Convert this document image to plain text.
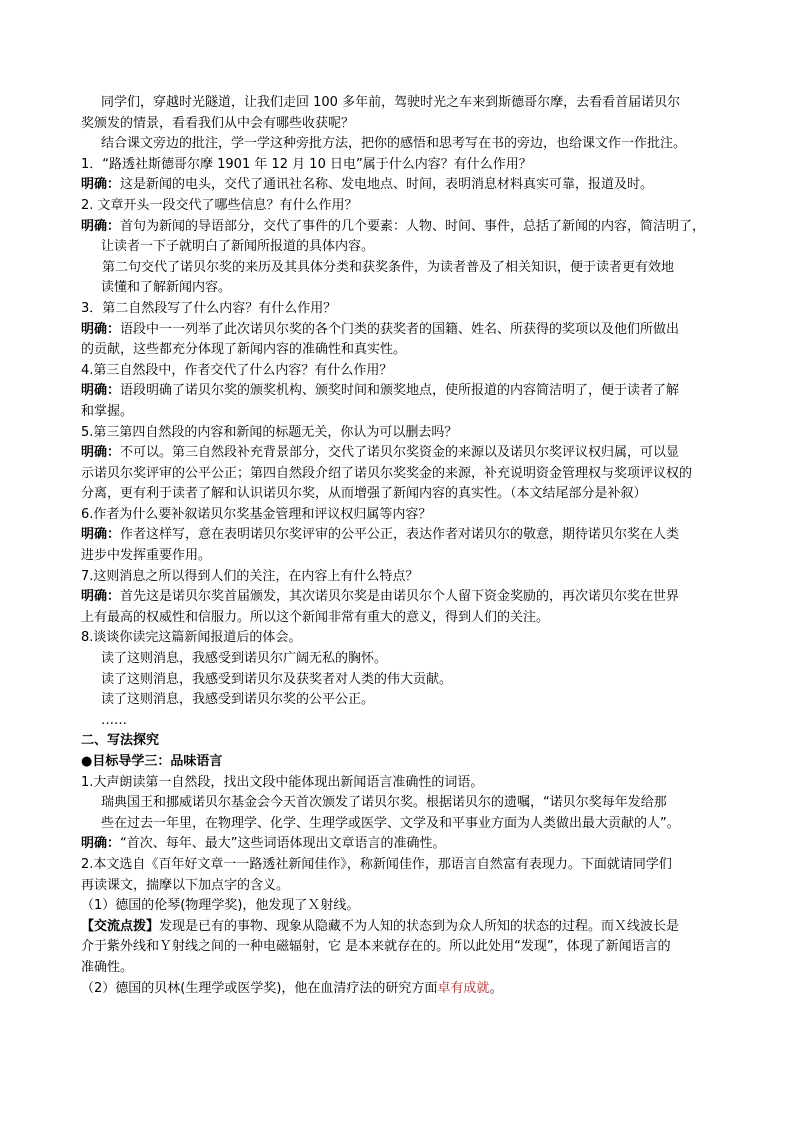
同学们，穿越时光隧道，让我们走回 100 多年前，驾驶时光之车来到斯德哥尔摩，去看看首届诺贝尔
奖颁发的情景，看看我们从中会有哪些收获呢？
结合课文旁边的批注，学一学这种旁批方法，把你的感悟和思考写在书的旁边，也给课文作一作批注。
1．“路透社斯德哥尔摩 1901 年 12 月 10 日电”属于什么内容？有什么作用？
明确：这是新闻的电头，交代了通讯社名称、发电地点、时间，表明消息材料真实可靠，报道及时。
2. 文章开头一段交代了哪些信息？有什么作用？
明确：首句为新闻的导语部分，交代了事件的几个要素：人物、时间、事件，总括了新闻的内容，简洁明了，
让读者一下子就明白了新闻所报道的具体内容。
第二句交代了诺贝尔奖的来历及其具体分类和获奖条件，为读者普及了相关知识，便于读者更有效地
读懂和了解新闻内容。
3．第二自然段写了什么内容？有什么作用？
明确：语段中一一列举了此次诺贝尔奖的各个门类的获奖者的国籍、姓名、所获得的奖项以及他们所做出
的贡献，这些都充分体现了新闻内容的准确性和真实性。
4.第三自然段中，作者交代了什么内容？有什么作用？
明确：语段明确了诺贝尔奖的颁奖机构、颁奖时间和颁奖地点，使所报道的内容简洁明了，便于读者了解
和掌握。
5.第三第四自然段的内容和新闻的标题无关，你认为可以删去吗？
明确：不可以。第三自然段补充背景部分，交代了诺贝尔奖资金的来源以及诺贝尔奖评议权归属，可以显
示诺贝尔奖评审的公平公正；第四自然段介绍了诺贝尔奖奖金的来源，补充说明资金管理权与奖项评议权的
分离，更有利于读者了解和认识诺贝尔奖，从而增强了新闻内容的真实性。（本文结尾部分是补叙）
6.作者为什么要补叙诺贝尔奖基金管理和评议权归属等内容？
明确：作者这样写，意在表明诺贝尔奖评审的公平公正，表达作者对诺贝尔的敬意，期待诺贝尔奖在人类
进步中发挥重要作用。
7.这则消息之所以得到人们的关注，在内容上有什么特点？
明确：首先这是诺贝尔奖首届颁发，其次诺贝尔奖是由诺贝尔个人留下资金奖励的，再次诺贝尔奖在世界
上有最高的权威性和信服力。所以这个新闻非常有重大的意义，得到人们的关注。
8.谈谈你读完这篇新闻报道后的体会。
读了这则消息，我感受到诺贝尔广阔无私的胸怀。
读了这则消息，我感受到诺贝尔及获奖者对人类的伟大贡献。
读了这则消息，我感受到诺贝尔奖的公平公正。
……
二、写法探究
●目标导学三：品味语言
1.大声朗读第一自然段，找出文段中能体现出新闻语言准确性的词语。
瑞典国王和挪威诺贝尔基金会今天首次颁发了诺贝尔奖。根据诺贝尔的遗嘱，“诺贝尔奖每年发给那
些在过去一年里，在物理学、化学、生理学或医学、文学及和平事业方面为人类做出最大贡献的人”。
明确：“首次、每年、最大”这些词语体现出文章语言的准确性。
2.本文选自《百年好文章一一路透社新闻佳作》，称新闻佳作，那语言自然富有表现力。下面就请同学们
再读课文，揣摩以下加点字的含义。
（1）德国的伦琴(物理学奖)，他发现了Ｘ射线。
【交流点拨】发现是已有的事物、现象从隐藏不为人知的状态到为众人所知的状态的过程。而Ｘ线波长是
介于紫外线和Ｙ射线之间的一种电磁辐射，它 是本来就存在的。所以此处用“发现”，体现了新闻语言的
准确性。
（2）德国的贝林(生理学或医学奖)，他在血清疗法的研究方面卓有成就。
